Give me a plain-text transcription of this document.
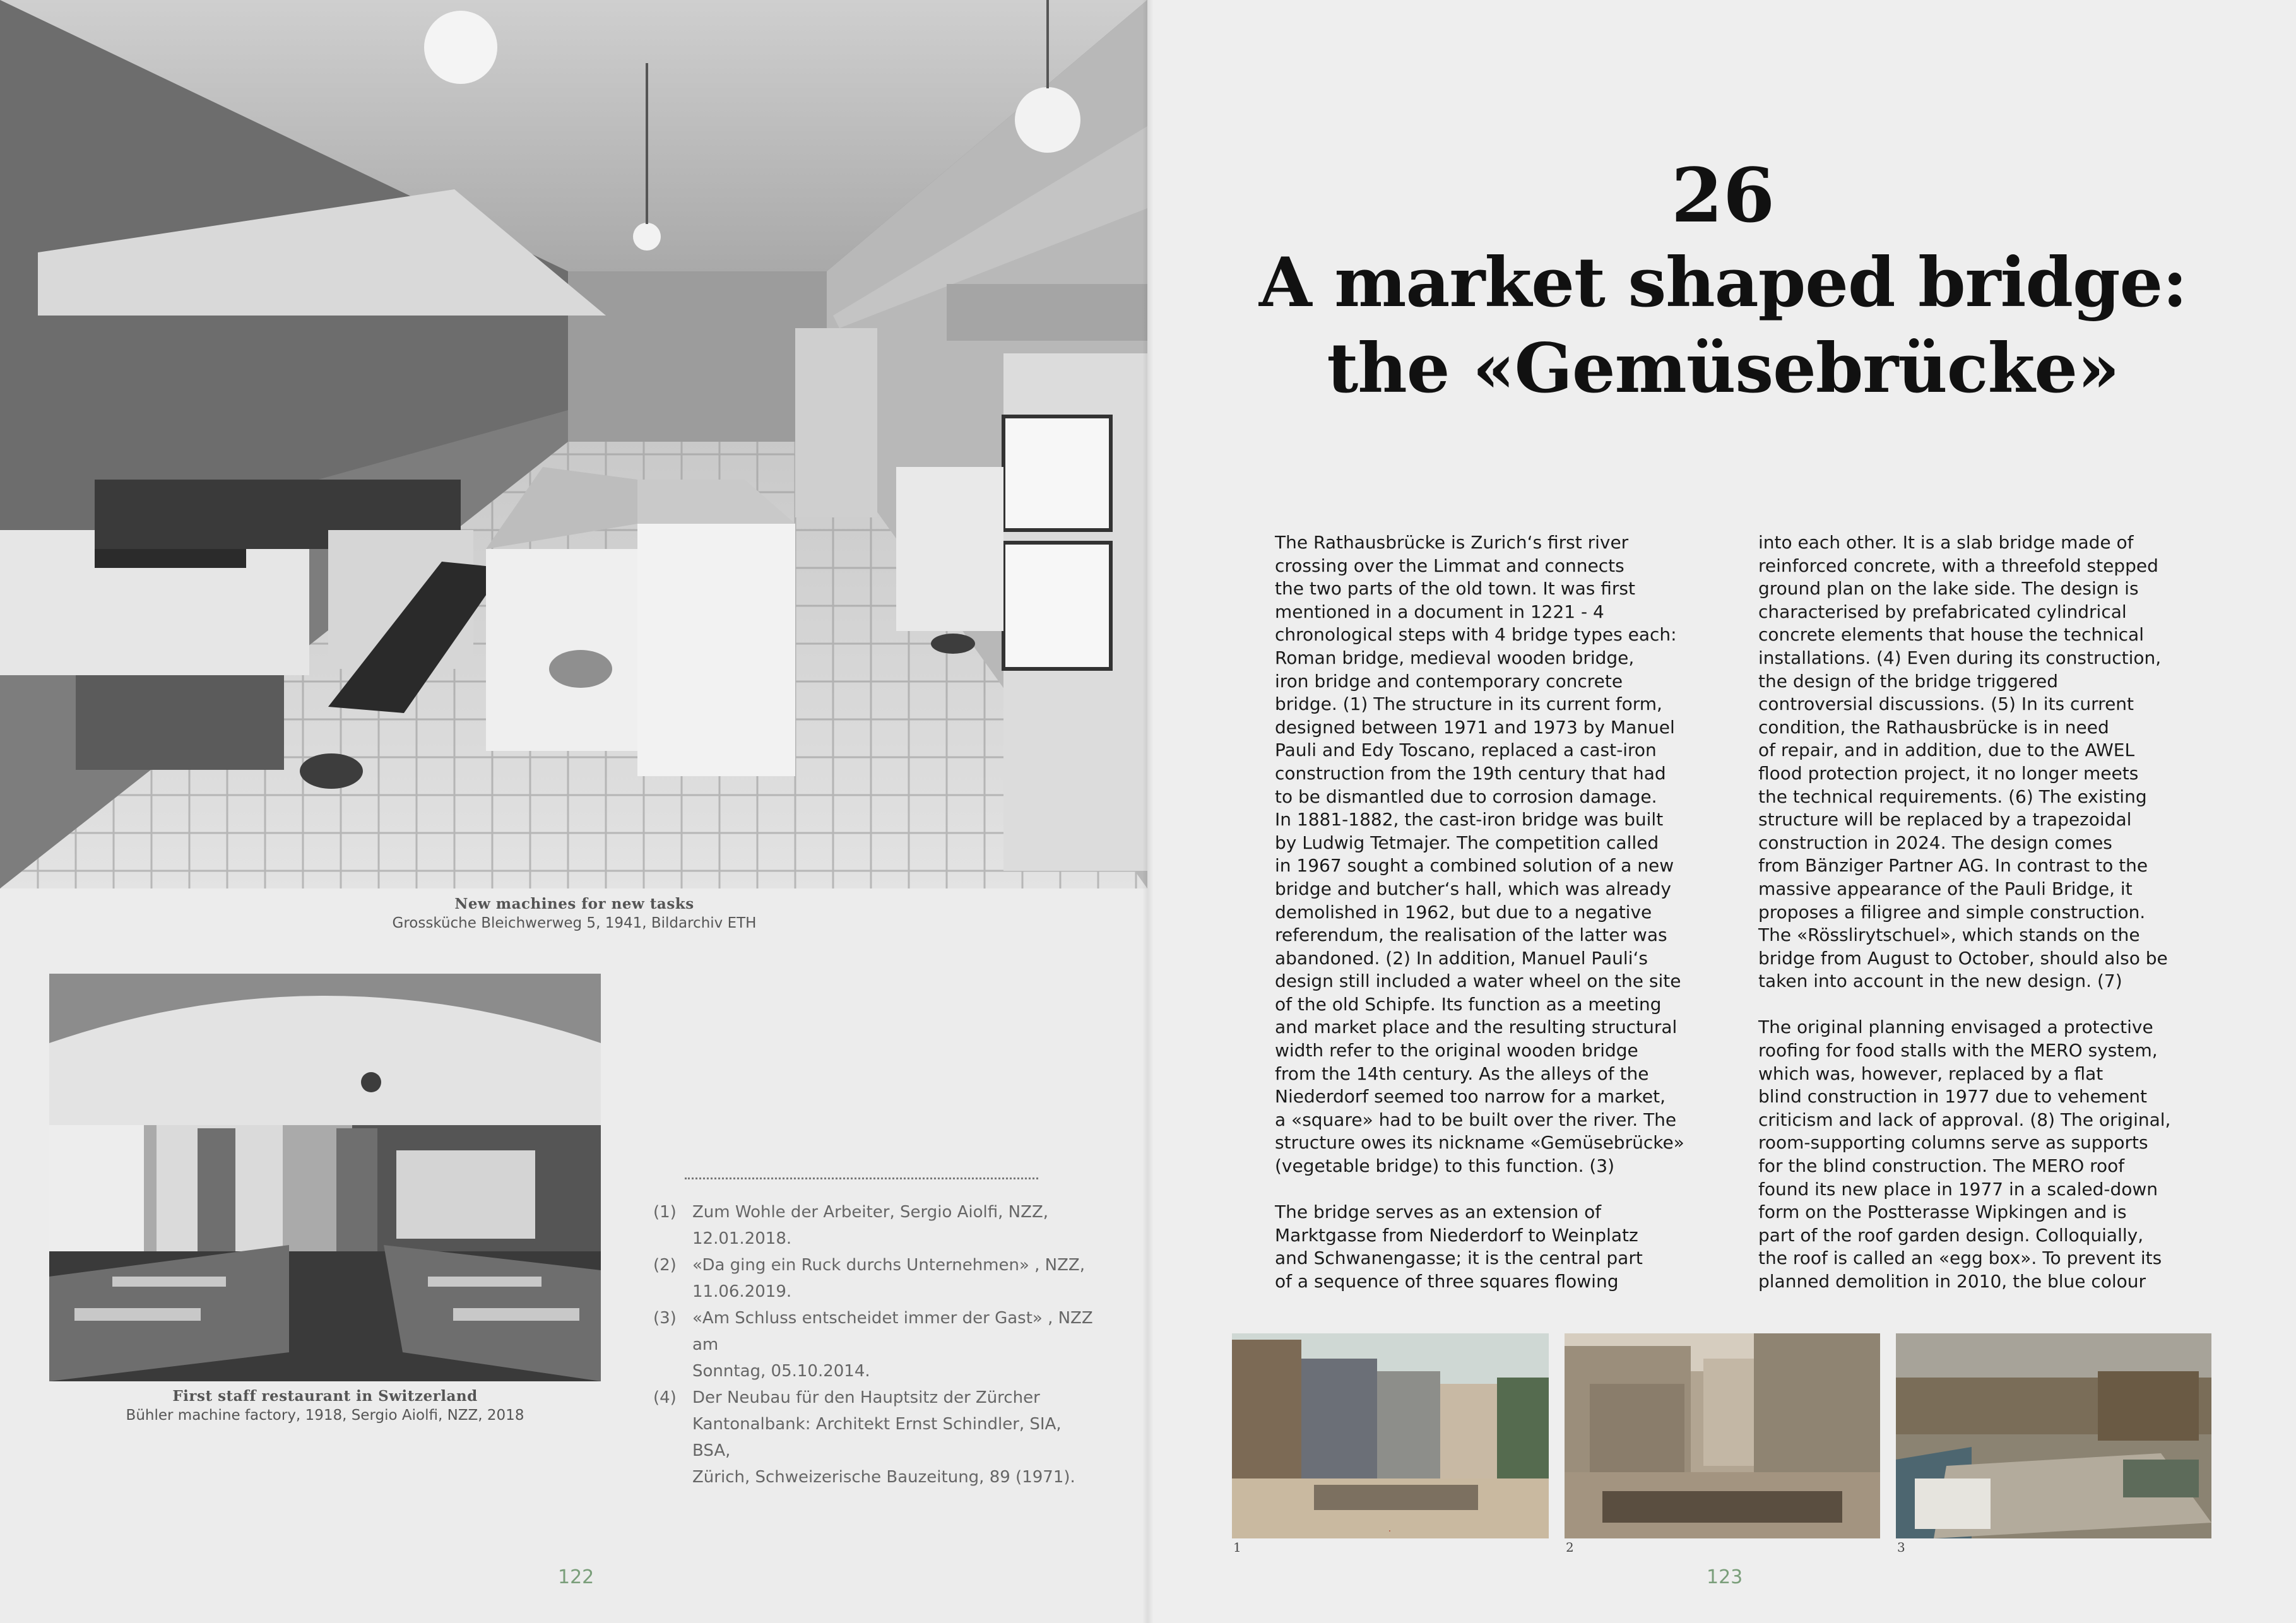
New machines for new tasks
Grossküche Bleichwerweg 5, 1941, Bildarchiv ETH
First staff restaurant in Switzerland
Bühler machine factory, 1918, Sergio Aiolfi, NZZ, 2018
(1) Zum Wohle der Arbeiter, Sergio Aiolfi, NZZ,
12.01.2018.
(2) «Da ging ein Ruck durchs Unternehmen» , NZZ,
11.06.2019.
(3) «Am Schluss entscheidet immer der Gast» , NZZ am
Sonntag, 05.10.2014.
(4) Der Neubau für den Hauptsitz der Zürcher
Kantonalbank: Architekt Ernst Schindler, SIA, BSA,
Zürich, Schweizerische Bauzeitung, 89 (1971).
122
26
A market shaped bridge:
the «Gemüsebrücke»
The Rathausbrücke is Zurich‘s first river
crossing over the Limmat and connects
the two parts of the old town. It was first
mentioned in a document in 1221 - 4
chronological steps with 4 bridge types each:
Roman bridge, medieval wooden bridge,
iron bridge and contemporary concrete
bridge. (1) The structure in its current form,
designed between 1971 and 1973 by Manuel
Pauli and Edy Toscano, replaced a cast-iron
construction from the 19th century that had
to be dismantled due to corrosion damage.
In 1881-1882, the cast-iron bridge was built
by Ludwig Tetmajer. The competition called
in 1967 sought a combined solution of a new
bridge and butcher‘s hall, which was already
demolished in 1962, but due to a negative
referendum, the realisation of the latter was
abandoned. (2) In addition, Manuel Pauli‘s
design still included a water wheel on the site
of the old Schipfe. Its function as a meeting
and market place and the resulting structural
width refer to the original wooden bridge
from the 14th century. As the alleys of the
Niederdorf seemed too narrow for a market,
a «square» had to be built over the river. The
structure owes its nickname «Gemüsebrücke»
(vegetable bridge) to this function. (3)

The bridge serves as an extension of
Marktgasse from Niederdorf to Weinplatz
and Schwanengasse; it is the central part
of a sequence of three squares flowing
into each other. It is a slab bridge made of
reinforced concrete, with a threefold stepped
ground plan on the lake side. The design is
characterised by prefabricated cylindrical
concrete elements that house the technical
installations. (4) Even during its construction,
the design of the bridge triggered
controversial discussions. (5) In its current
condition, the Rathausbrücke is in need
of repair, and in addition, due to the AWEL
flood protection project, it no longer meets
the technical requirements. (6) The existing
structure will be replaced by a trapezoidal
construction in 2024. The design comes
from Bänziger Partner AG. In contrast to the
massive appearance of the Pauli Bridge, it
proposes a filigree and simple construction.
The «Rösslirytschuel», which stands on the
bridge from August to October, should also be
taken into account in the new design. (7)

The original planning envisaged a protective
roofing for food stalls with the MERO system,
which was, however, replaced by a flat
blind construction in 1977 due to vehement
criticism and lack of approval. (8) The original,
room-supporting columns serve as supports
for the blind construction. The MERO roof
found its new place in 1977 in a scaled-down
form on the Postterasse Wipkingen and is
part of the roof garden design. Colloquially,
the roof is called an «egg box». To prevent its
planned demolition in 2010, the blue colour
·
1	2	3
123
